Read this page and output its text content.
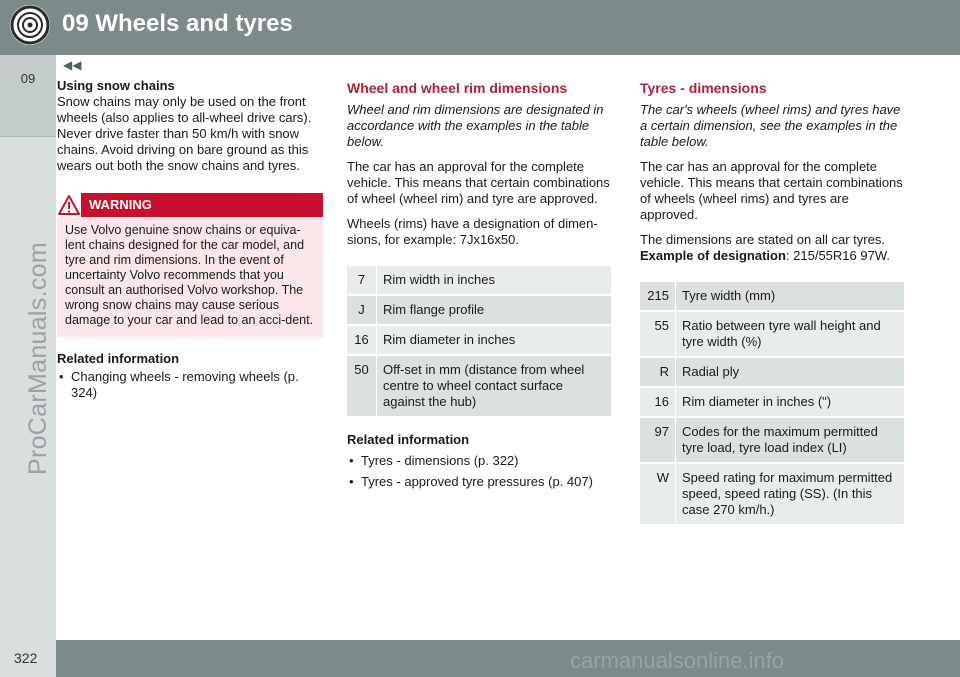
09 Wheels and tyres
09
ProCarManuals.com
◀◀
Using snow chains
Snow chains may only be used on the front wheels (also applies to all-wheel drive cars). Never drive faster than 50 km/h with snow chains. Avoid driving on bare ground as this wears out both the snow chains and tyres.
WARNING
Use Volvo genuine snow chains or equiva-lent chains designed for the car model, and tyre and rim dimensions. In the event of uncertainty Volvo recommends that you consult an authorised Volvo workshop. The wrong snow chains may cause serious damage to your car and lead to an acci-dent.
Related information
• Changing wheels - removing wheels (p. 324)
Wheel and wheel rim dimensions
Wheel and rim dimensions are designated in accordance with the examples in the table below.
The car has an approval for the complete vehicle. This means that certain combinations of wheel (wheel rim) and tyre are approved.
Wheels (rims) have a designation of dimen-sions, for example: 7Jx16x50.
7	Rim width in inches
J	Rim flange profile
16	Rim diameter in inches
50	Off-set in mm (distance from wheel centre to wheel contact surface against the hub)
Related information
• Tyres - dimensions (p. 322)
• Tyres - approved tyre pressures (p. 407)
Tyres - dimensions
The car's wheels (wheel rims) and tyres have a certain dimension, see the examples in the table below.
The car has an approval for the complete vehicle. This means that certain combinations of wheels (wheel rims) and tyres are approved.
The dimensions are stated on all car tyres.
Example of designation: 215/55R16 97W.
215	Tyre width (mm)
55	Ratio between tyre wall height and tyre width (%)
R	Radial ply
16	Rim diameter in inches (")
97	Codes for the maximum permitted tyre load, tyre load index (LI)
W	Speed rating for maximum permitted speed, speed rating (SS). (In this case 270 km/h.)
322	carmanualsonline.info
